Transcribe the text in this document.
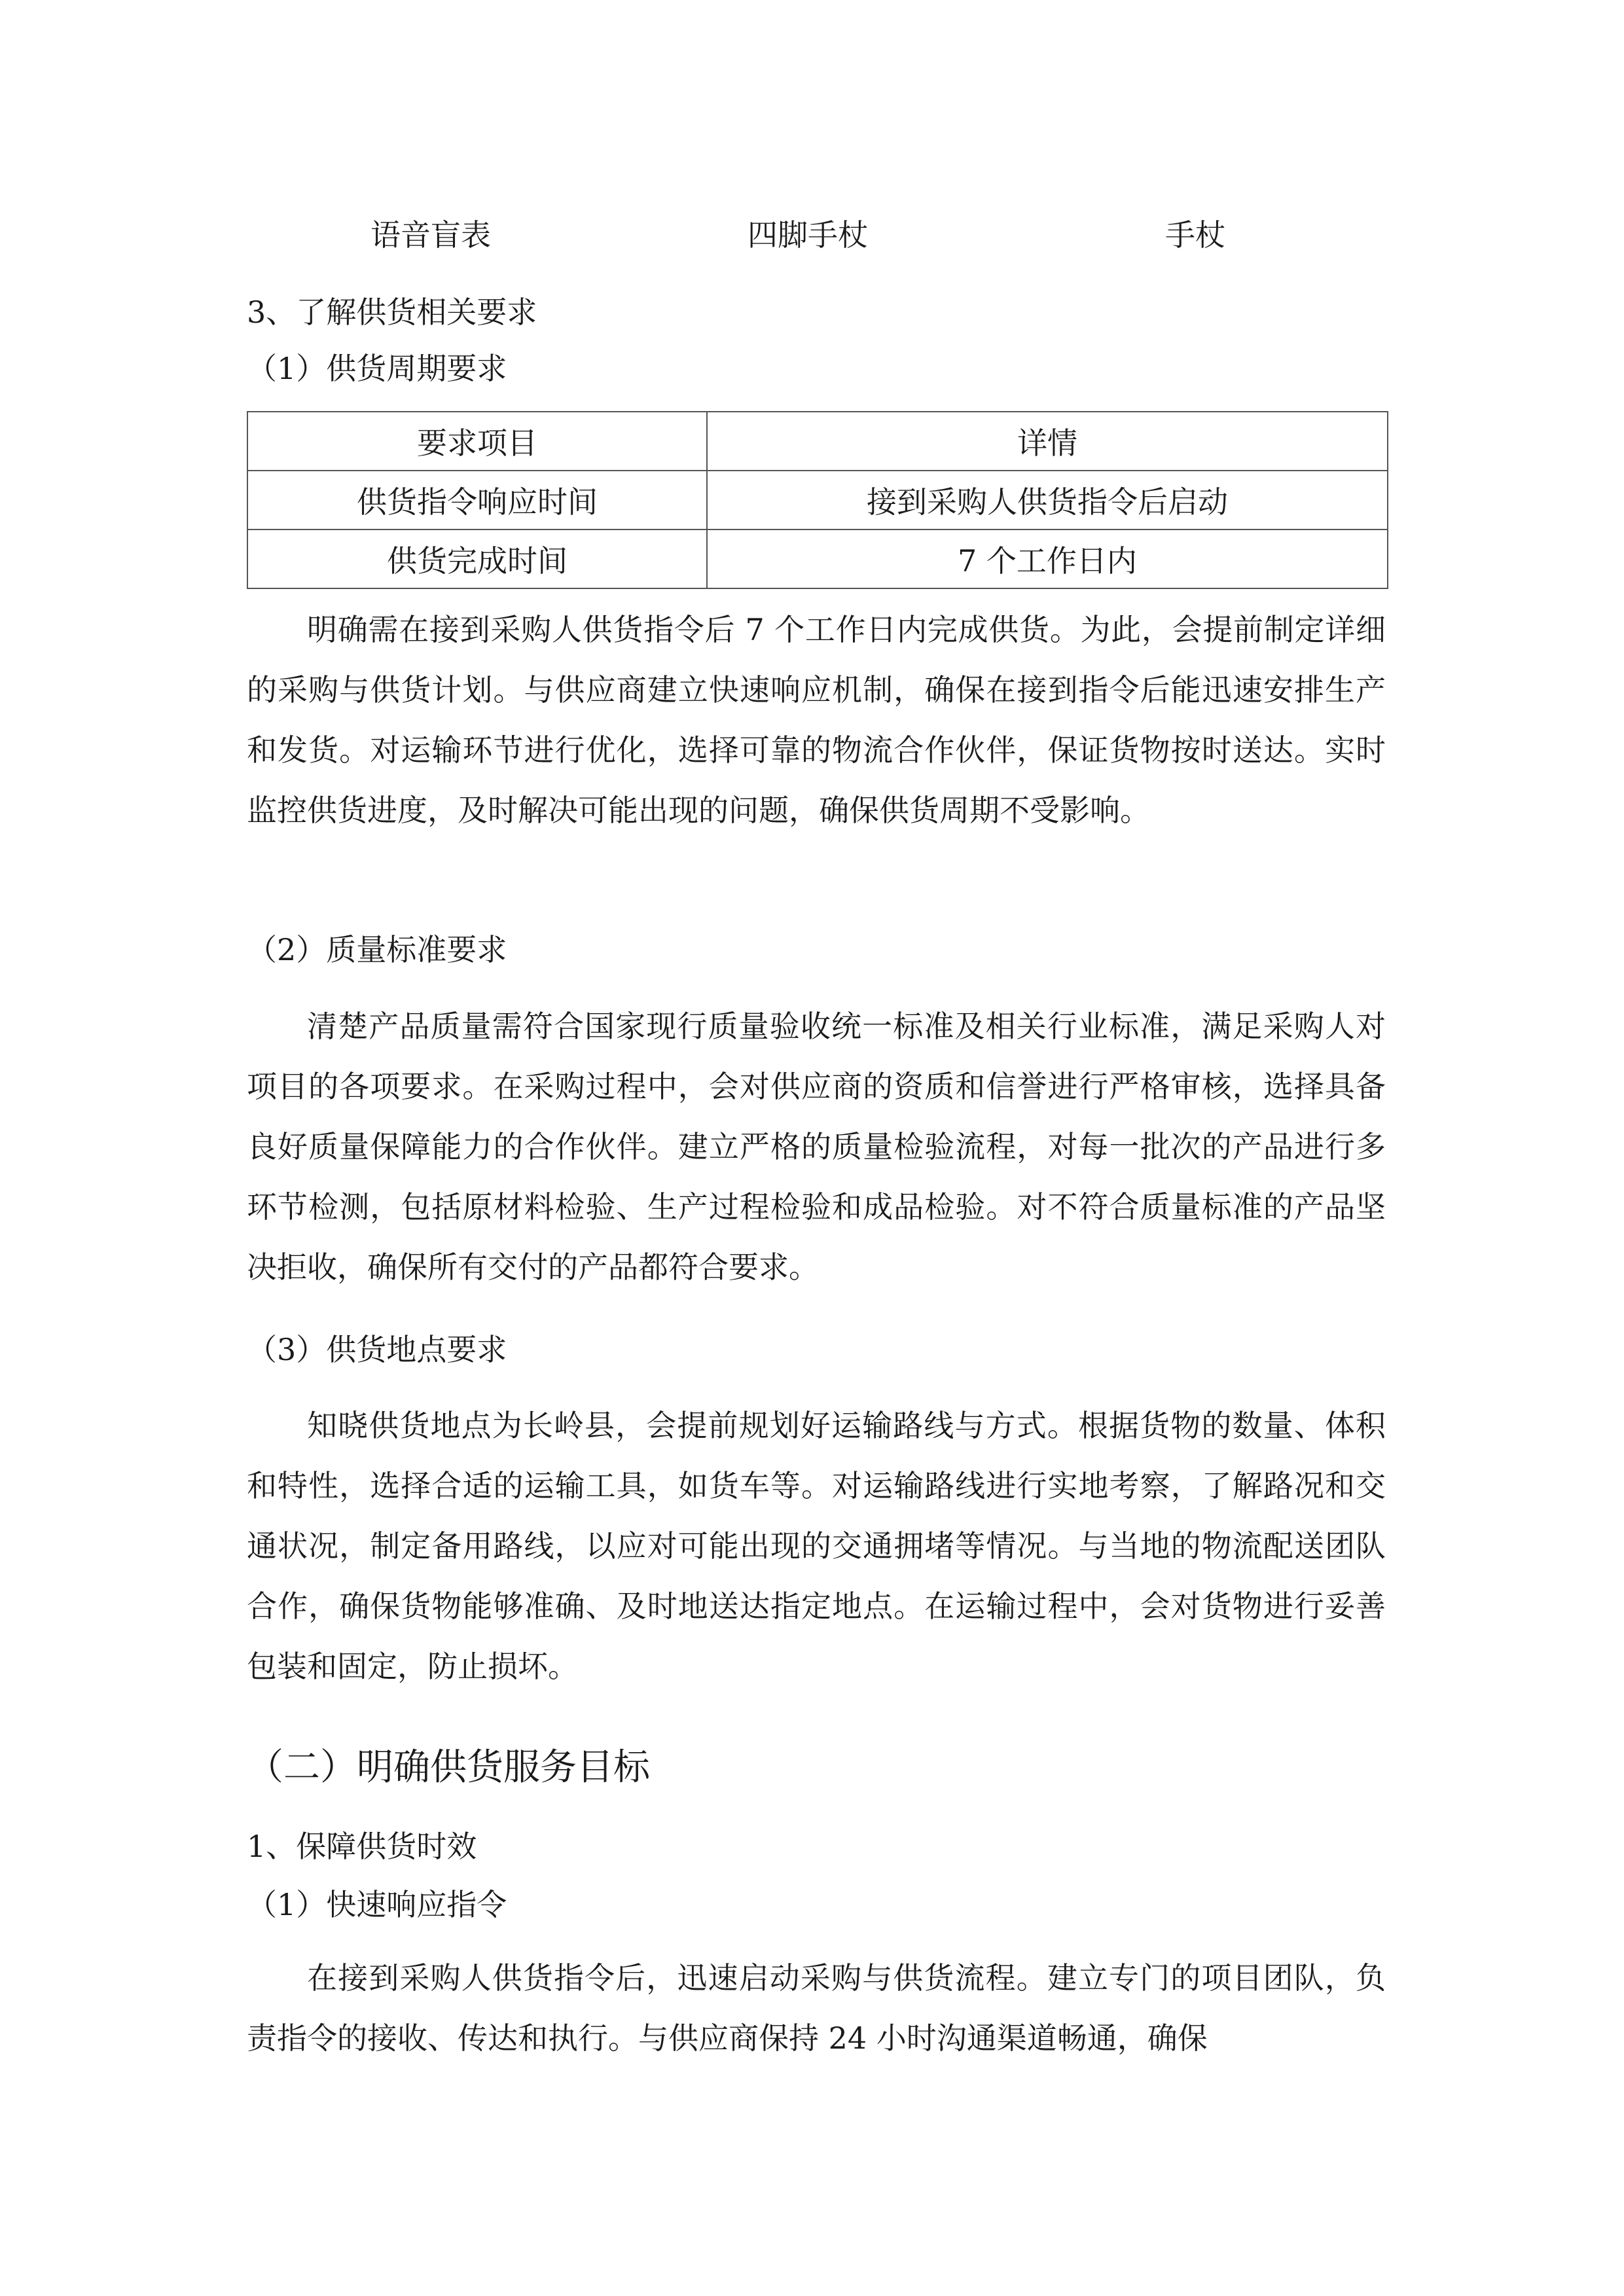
语音盲表	四脚手杖	手杖
3、了解供货相关要求
（1）供货周期要求
要求项目	详情
供货指令响应时间	接到采购人供货指令后启动
供货完成时间	7 个工作日内
明确需在接到采购人供货指令后 7 个工作日内完成供货。为此，会提前制定详细的采购与供货计划。与供应商建立快速响应机制，确保在接到指令后能迅速安排生产和发货。对运输环节进行优化，选择可靠的物流合作伙伴，保证货物按时送达。实时监控供货进度，及时解决可能出现的问题，确保供货周期不受影响。
（2）质量标准要求
清楚产品质量需符合国家现行质量验收统一标准及相关行业标准，满足采购人对项目的各项要求。在采购过程中，会对供应商的资质和信誉进行严格审核，选择具备良好质量保障能力的合作伙伴。建立严格的质量检验流程，对每一批次的产品进行多环节检测，包括原材料检验、生产过程检验和成品检验。对不符合质量标准的产品坚决拒收，确保所有交付的产品都符合要求。
（3）供货地点要求
知晓供货地点为长岭县，会提前规划好运输路线与方式。根据货物的数量、体积和特性，选择合适的运输工具，如货车等。对运输路线进行实地考察，了解路况和交通状况，制定备用路线，以应对可能出现的交通拥堵等情况。与当地的物流配送团队合作，确保货物能够准确、及时地送达指定地点。在运输过程中，会对货物进行妥善包装和固定，防止损坏。
（二）明确供货服务目标
1、保障供货时效
（1）快速响应指令
在接到采购人供货指令后，迅速启动采购与供货流程。建立专门的项目团队，负责指令的接收、传达和执行。与供应商保持 24 小时沟通渠道畅通，确保
